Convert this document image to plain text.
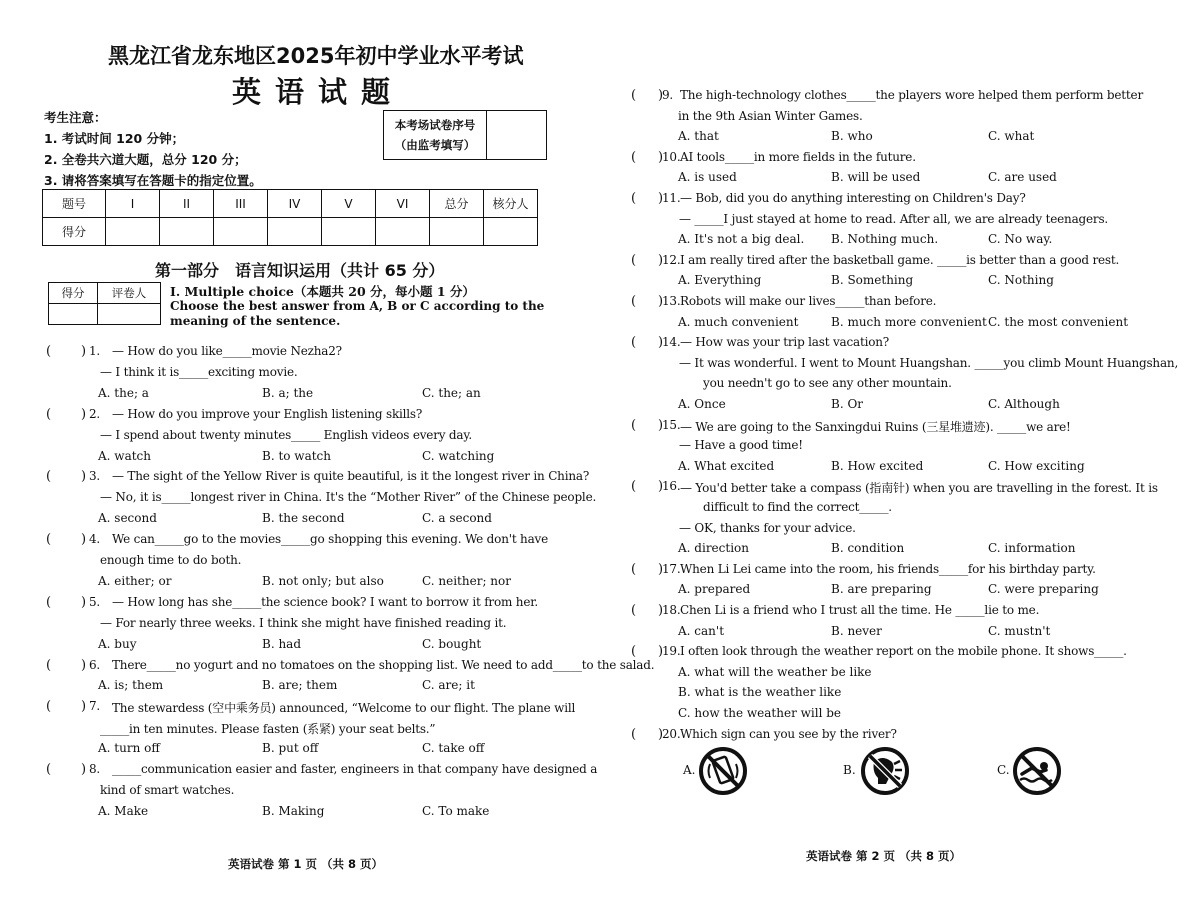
黑龙江省龙东地区2025年初中学业水平考试
英语试题
考生注意：
1. 考试时间 120 分钟；
2. 全卷共六道大题，总分 120 分；
3. 请将答案填写在答题卡的指定位置。
本考场试卷序号
（由监考填写）
题号	I	II	III	IV	V	VI	总分	核分人
得分								
第一部分　语言知识运用（共计 65 分）
得分	评卷人
	I. Multiple choice（本题共 20 分，每小题 1 分）
Choose the best answer from A, B or C according to the meaning of the sentence.
( ) 1. — How do you like_____movie Nezha2?
— I think it is_____exciting movie.
A. the; a	B. a; the	C. the; an
( ) 2. — How do you improve your English listening skills?
— I spend about twenty minutes_____ English videos every day.
A. watch	B. to watch	C. watching
( ) 3. — The sight of the Yellow River is quite beautiful, is it the longest river in China?
— No, it is_____longest river in China. It's the “Mother River” of the Chinese people.
A. second	B. the second	C. a second
( ) 4. We can_____go to the movies_____go shopping this evening. We don't have
enough time to do both.
A. either; or	B. not only; but also	C. neither; nor
( ) 5. — How long has she_____the science book? I want to borrow it from her.
— For nearly three weeks. I think she might have finished reading it.
A. buy	B. had	C. bought
( ) 6. There_____no yogurt and no tomatoes on the shopping list. We need to add_____to the salad.
A. is; them	B. are; them	C. are; it
( ) 7. The stewardess (空中乘务员) announced, “Welcome to our flight. The plane will
_____in ten minutes. Please fasten (系紧) your seat belts.”
A. turn off	B. put off	C. take off
( ) 8. _____communication easier and faster, engineers in that company have designed a
kind of smart watches.
A. Make	B. Making	C. To make
( )
9. The high-technology clothes_____the players wore helped them perform better
in the 9th Asian Winter Games.
A. that	B. who	C. what
( )
10. AI tools_____in more fields in the future.
A. is used	B. will be used	C. are used
( )
11. — Bob, did you do anything interesting on Children's Day?
— _____I just stayed at home to read. After all, we are already teenagers.
A. It's not a big deal. B. Nothing much.	C. No way.
( )
12. I am really tired after the basketball game. _____is better than a good rest.
A. Everything	B. Something	C. Nothing
( )
13. Robots will make our lives_____than before.
A. much convenient	B. much more convenient C. the most convenient
( )
14. — How was your trip last vacation?
— It was wonderful. I went to Mount Huangshan. _____you climb Mount Huangshan,
you needn't go to see any other mountain.
A. Once	B. Or	C. Although
( )
15. — We are going to the Sanxingdui Ruins (三星堆遗迹). _____we are!
— Have a good time!
A. What excited	B. How excited	C. How exciting
( )
16. — You'd better take a compass (指南针) when you are travelling in the forest. It is
difficult to find the correct_____.
— OK, thanks for your advice.
A. direction	B. condition	C. information
( )
17. When Li Lei came into the room, his friends_____for his birthday party.
A. prepared	B. are preparing	C. were preparing
( )
18. Chen Li is a friend who I trust all the time. He _____lie to me.
A. can't	B. never	C. mustn't
( )
19. I often look through the weather report on the mobile phone. It shows_____.
A. what will the weather be like
B. what is the weather like
C. how the weather will be
( )
20. Which sign can you see by the river?
A.	B.	C.
英语试卷 第 1 页 （共 8 页）
英语试卷 第 2 页 （共 8 页）
